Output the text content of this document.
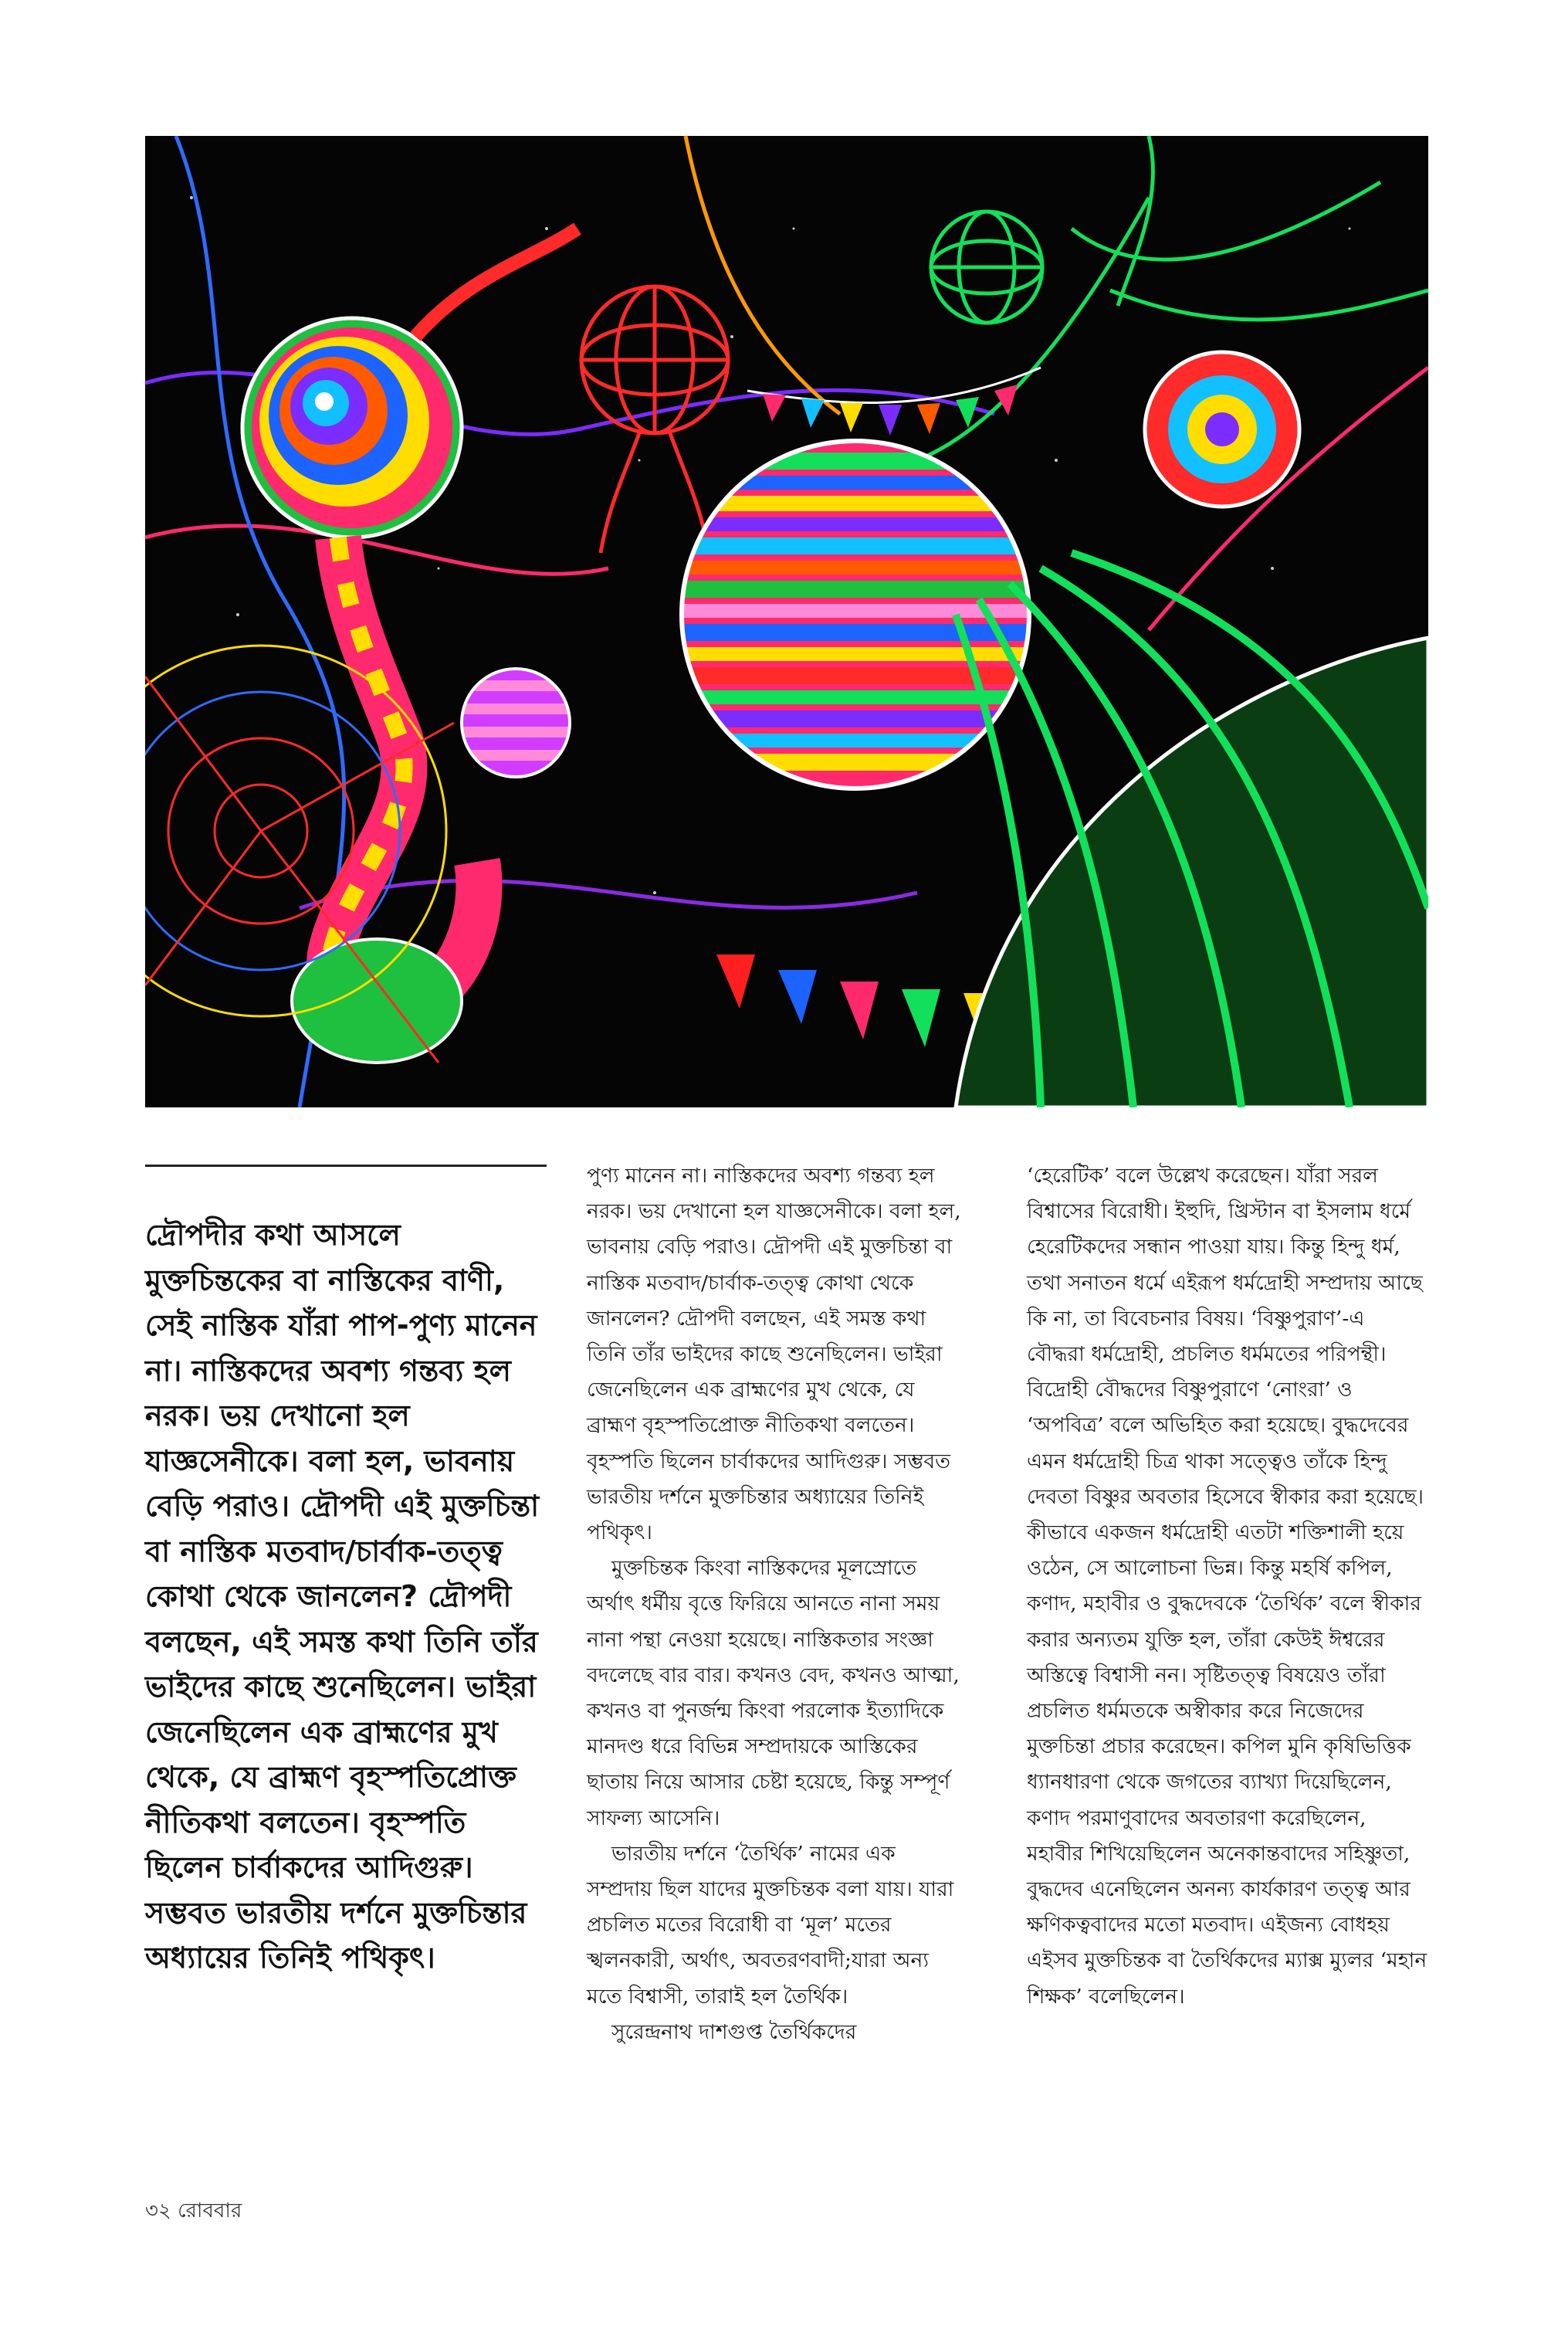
দ্রৌপদীর কথা আসলে মুক্তচিন্তকের বা নাস্তিকের বাণী, সেই নাস্তিক যাঁরা পাপ-পুণ্য মানেন না। নাস্তিকদের অবশ্য গন্তব্য হল নরক। ভয় দেখানো হল যাজ্ঞসেনীকে। বলা হল, ভাবনায় বেড়ি পরাও। দ্রৌপদী এই মুক্তচিন্তা বা নাস্তিক মতবাদ/চার্বাক-তত্ত্ব কোথা থেকে জানলেন? দ্রৌপদী বলছেন, এই সমস্ত কথা তিনি তাঁর ভাইদের কাছে শুনেছিলেন। ভাইরা জেনেছিলেন এক ব্রাহ্মণের মুখ থেকে, যে ব্রাহ্মণ বৃহস্পতিপ্রোক্ত নীতিকথা বলতেন। বৃহস্পতি ছিলেন চার্বাকদের আদিগুরু। সম্ভবত ভারতীয় দর্শনে মুক্তচিন্তার অধ্যায়ের তিনিই পথিকৃৎ।

পুণ্য মানেন না। নাস্তিকদের অবশ্য গন্তব্য হল নরক। ভয় দেখানো হল যাজ্ঞসেনীকে। বলা হল, ভাবনায় বেড়ি পরাও। দ্রৌপদী এই মুক্তচিন্তা বা নাস্তিক মতবাদ/চার্বাক-তত্ত্ব কোথা থেকে জানলেন? দ্রৌপদী বলছেন, এই সমস্ত কথা তিনি তাঁর ভাইদের কাছে শুনেছিলেন। ভাইরা জেনেছিলেন এক ব্রাহ্মণের মুখ থেকে, যে ব্রাহ্মণ বৃহস্পতিপ্রোক্ত নীতিকথা বলতেন। বৃহস্পতি ছিলেন চার্বাকদের আদিগুরু। সম্ভবত ভারতীয় দর্শনে মুক্তচিন্তার অধ্যায়ের তিনিই পথিকৃৎ।

মুক্তচিন্তক কিংবা নাস্তিকদের মূলস্রোতে অর্থাৎ ধর্মীয় বৃত্তে ফিরিয়ে আনতে নানা সময় নানা পন্থা নেওয়া হয়েছে। নাস্তিকতার সংজ্ঞা বদলেছে বার বার। কখনও বেদ, কখনও আত্মা, কখনও বা পুনর্জন্ম কিংবা পরলোক ইত্যাদিকে মানদণ্ড ধরে বিভিন্ন সম্প্রদায়কে আস্তিকের ছাতায় নিয়ে আসার চেষ্টা হয়েছে, কিন্তু সম্পূর্ণ সাফল্য আসেনি।

ভারতীয় দর্শনে ‘তৈর্থিক’ নামের এক সম্প্রদায় ছিল যাদের মুক্তচিন্তক বলা যায়। যারা প্রচলিত মতের বিরোধী বা ‘মূল’ মতের স্খলনকারী, অর্থাৎ, অবতরণবাদী;যারা অন্য মতে বিশ্বাসী, তারাই হল তৈর্থিক।

সুরেন্দ্রনাথ দাশগুপ্ত তৈর্থিকদের

‘হেরেটিক’ বলে উল্লেখ করেছেন। যাঁরা সরল বিশ্বাসের বিরোধী। ইহুদি, খ্রিস্টান বা ইসলাম ধর্মে হেরেটিকদের সন্ধান পাওয়া যায়। কিন্তু হিন্দু ধর্ম, তথা সনাতন ধর্মে এইরূপ ধর্মদ্রোহী সম্প্রদায় আছে কি না, তা বিবেচনার বিষয়। ‘বিষ্ণুপুরাণ’-এ বৌদ্ধরা ধর্মদ্রোহী, প্রচলিত ধর্মমতের পরিপন্থী। বিদ্রোহী বৌদ্ধদের বিষ্ণুপুরাণে ‘নোংরা’ ও ‘অপবিত্র’ বলে অভিহিত করা হয়েছে। বুদ্ধদেবের এমন ধর্মদ্রোহী চিত্র থাকা সত্ত্বেও তাঁকে হিন্দু দেবতা বিষ্ণুর অবতার হিসেবে স্বীকার করা হয়েছে। কীভাবে একজন ধর্মদ্রোহী এতটা শক্তিশালী হয়ে ওঠেন, সে আলোচনা ভিন্ন। কিন্তু মহর্ষি কপিল, কণাদ, মহাবীর ও বুদ্ধদেবকে ‘তৈর্থিক’ বলে স্বীকার করার অন্যতম যুক্তি হল, তাঁরা কেউই ঈশ্বরের অস্তিত্বে বিশ্বাসী নন। সৃষ্টিতত্ত্ব বিষয়েও তাঁরা প্রচলিত ধর্মমতকে অস্বীকার করে নিজেদের মুক্তচিন্তা প্রচার করেছেন। কপিল মুনি কৃষিভিত্তিক ধ্যানধারণা থেকে জগতের ব্যাখ্যা দিয়েছিলেন, কণাদ পরমাণুবাদের অবতারণা করেছিলেন, মহাবীর শিখিয়েছিলেন অনেকান্তবাদের সহিষ্ণুতা, বুদ্ধদেব এনেছিলেন অনন্য কার্যকারণ তত্ত্ব আর ক্ষণিকত্ববাদের মতো মতবাদ। এইজন্য বোধহয় এইসব মুক্তচিন্তক বা তৈর্থিকদের ম্যাক্স ম্যুলর ‘মহান শিক্ষক’ বলেছিলেন।

৩২ রোববার
